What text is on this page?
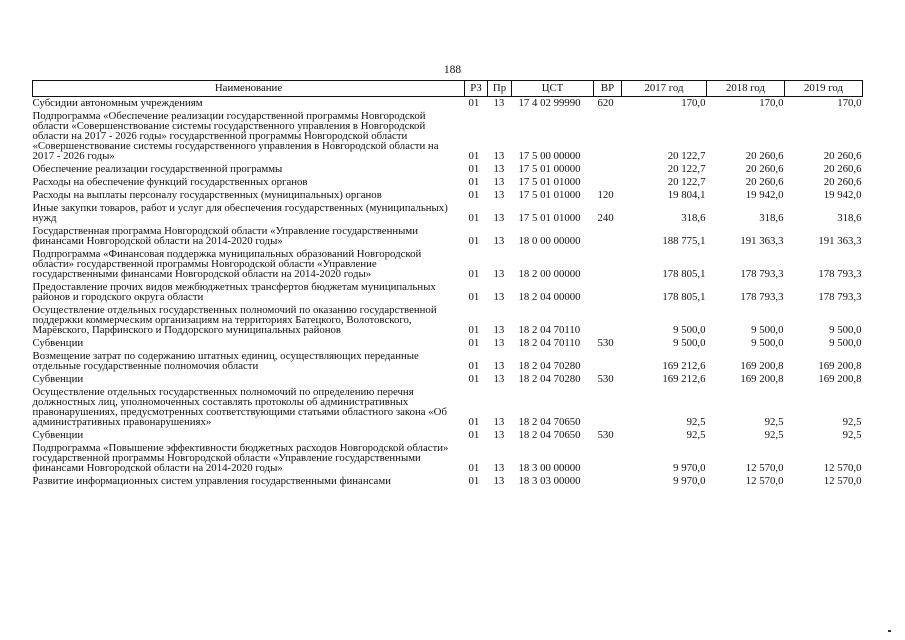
188
Наименование	РЗ	Пр	ЦСТ	ВР	2017 год	2018 год	2019 год
Субсидии автономным учреждениям	01	13	17 4 02 99990	620	170,0	170,0	170,0
Подпрограмма «Обеспечение реализации государственной программы Новгородской области «Совершенствование системы государственного управления в Новгородской области на 2017 - 2026 годы» государственной программы Новгородской области «Совершенствование системы государственного управления в Новгородской области на 2017 - 2026 годы»	01	13	17 5 00 00000		20 122,7	20 260,6	20 260,6
Обеспечение реализации государственной программы	01	13	17 5 01 00000		20 122,7	20 260,6	20 260,6
Расходы на обеспечение функций государственных органов	01	13	17 5 01 01000		20 122,7	20 260,6	20 260,6
Расходы на выплаты персоналу государственных (муниципальных) органов	01	13	17 5 01 01000	120	19 804,1	19 942,0	19 942,0
Иные закупки товаров, работ и услуг для обеспечения государственных (муниципальных) нужд	01	13	17 5 01 01000	240	318,6	318,6	318,6
Государственная программа Новгородской области «Управление государственными финансами Новгородской области на 2014-2020 годы»	01	13	18 0 00 00000		188 775,1	191 363,3	191 363,3
Подпрограмма «Финансовая поддержка муниципальных образований Новгородской области» государственной программы Новгородской области «Управление государственными финансами Новгородской области на 2014-2020 годы»	01	13	18 2 00 00000		178 805,1	178 793,3	178 793,3
Предоставление прочих видов межбюджетных трансфертов бюджетам муниципальных районов и городского округа области	01	13	18 2 04 00000		178 805,1	178 793,3	178 793,3
Осуществление отдельных государственных полномочий по оказанию государственной поддержки коммерческим организациям на территориях Батецкого, Волотовского, Марёвского, Парфинского и Поддорского муниципальных районов	01	13	18 2 04 70110		9 500,0	9 500,0	9 500,0
Субвенции	01	13	18 2 04 70110	530	9 500,0	9 500,0	9 500,0
Возмещение затрат по содержанию штатных единиц, осуществляющих переданные отдельные государственные полномочия области	01	13	18 2 04 70280		169 212,6	169 200,8	169 200,8
Субвенции	01	13	18 2 04 70280	530	169 212,6	169 200,8	169 200,8
Осуществление отдельных государственных полномочий по определению перечня должностных лиц, уполномоченных составлять протоколы об административных правонарушениях, предусмотренных соответствующими статьями областного закона «Об административных правонарушениях»	01	13	18 2 04 70650		92,5	92,5	92,5
Субвенции	01	13	18 2 04 70650	530	92,5	92,5	92,5
Подпрограмма «Повышение эффективности бюджетных расходов Новгородской области» государственной программы Новгородской области «Управление государственными финансами Новгородской области на 2014-2020 годы»	01	13	18 3 00 00000		9 970,0	12 570,0	12 570,0
Развитие информационных систем управления государственными финансами	01	13	18 3 03 00000		9 970,0	12 570,0	12 570,0
